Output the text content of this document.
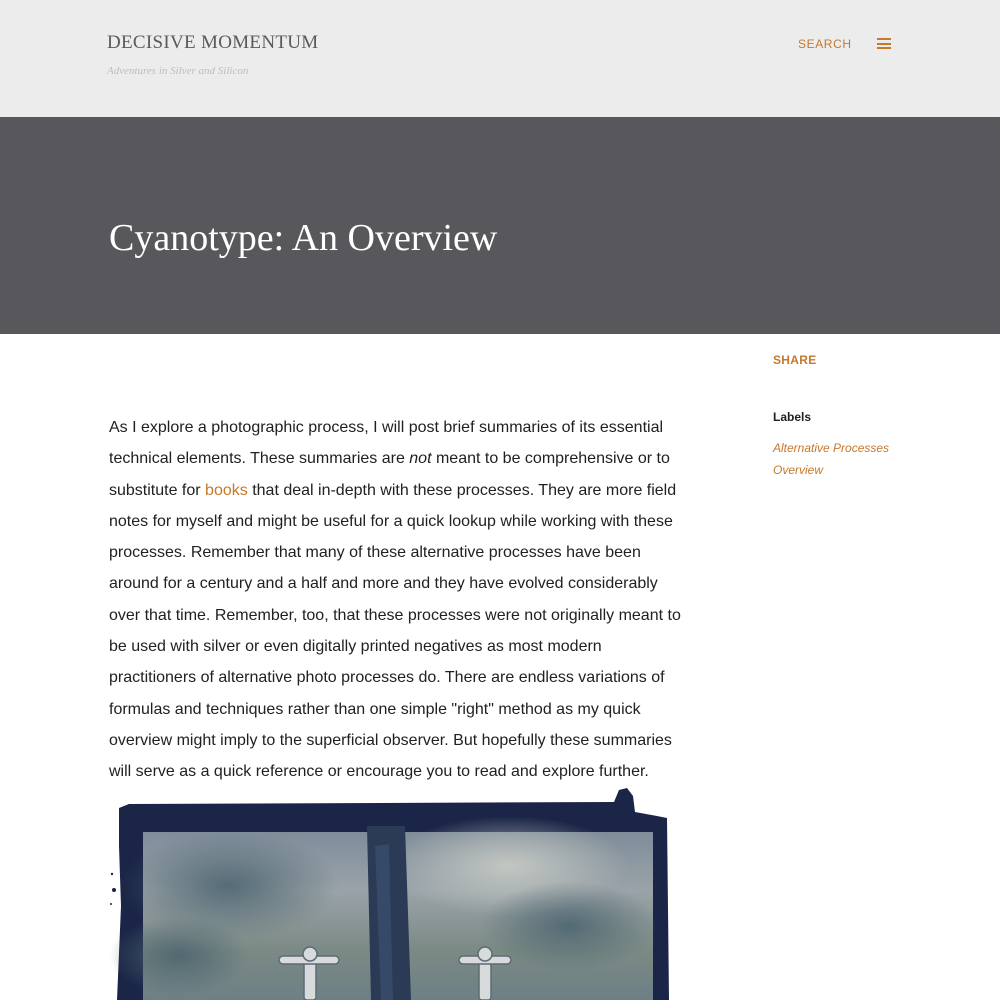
DECISIVE MOMENTUM

Adventures in Silver and Silicon

SEARCH
Cyanotype: An Overview

As I explore a photographic process, I will post brief summaries of its essential technical elements. These summaries are not meant to be comprehensive or to substitute for books that deal in-depth with these processes. They are more field notes for myself and might be useful for a quick lookup while working with these processes. Remember that many of these alternative processes have been around for a century and a half and more and they have evolved considerably over that time. Remember, too, that these processes were not originally meant to be used with silver or even digitally printed negatives as most modern practitioners of alternative photo processes do. There are endless variations of formulas and techniques rather than one simple "right" method as my quick overview might imply to the superficial observer. But hopefully these summaries will serve as a quick reference or encourage you to read and explore further.

SHARE
Labels
Alternative Processes
Overview
